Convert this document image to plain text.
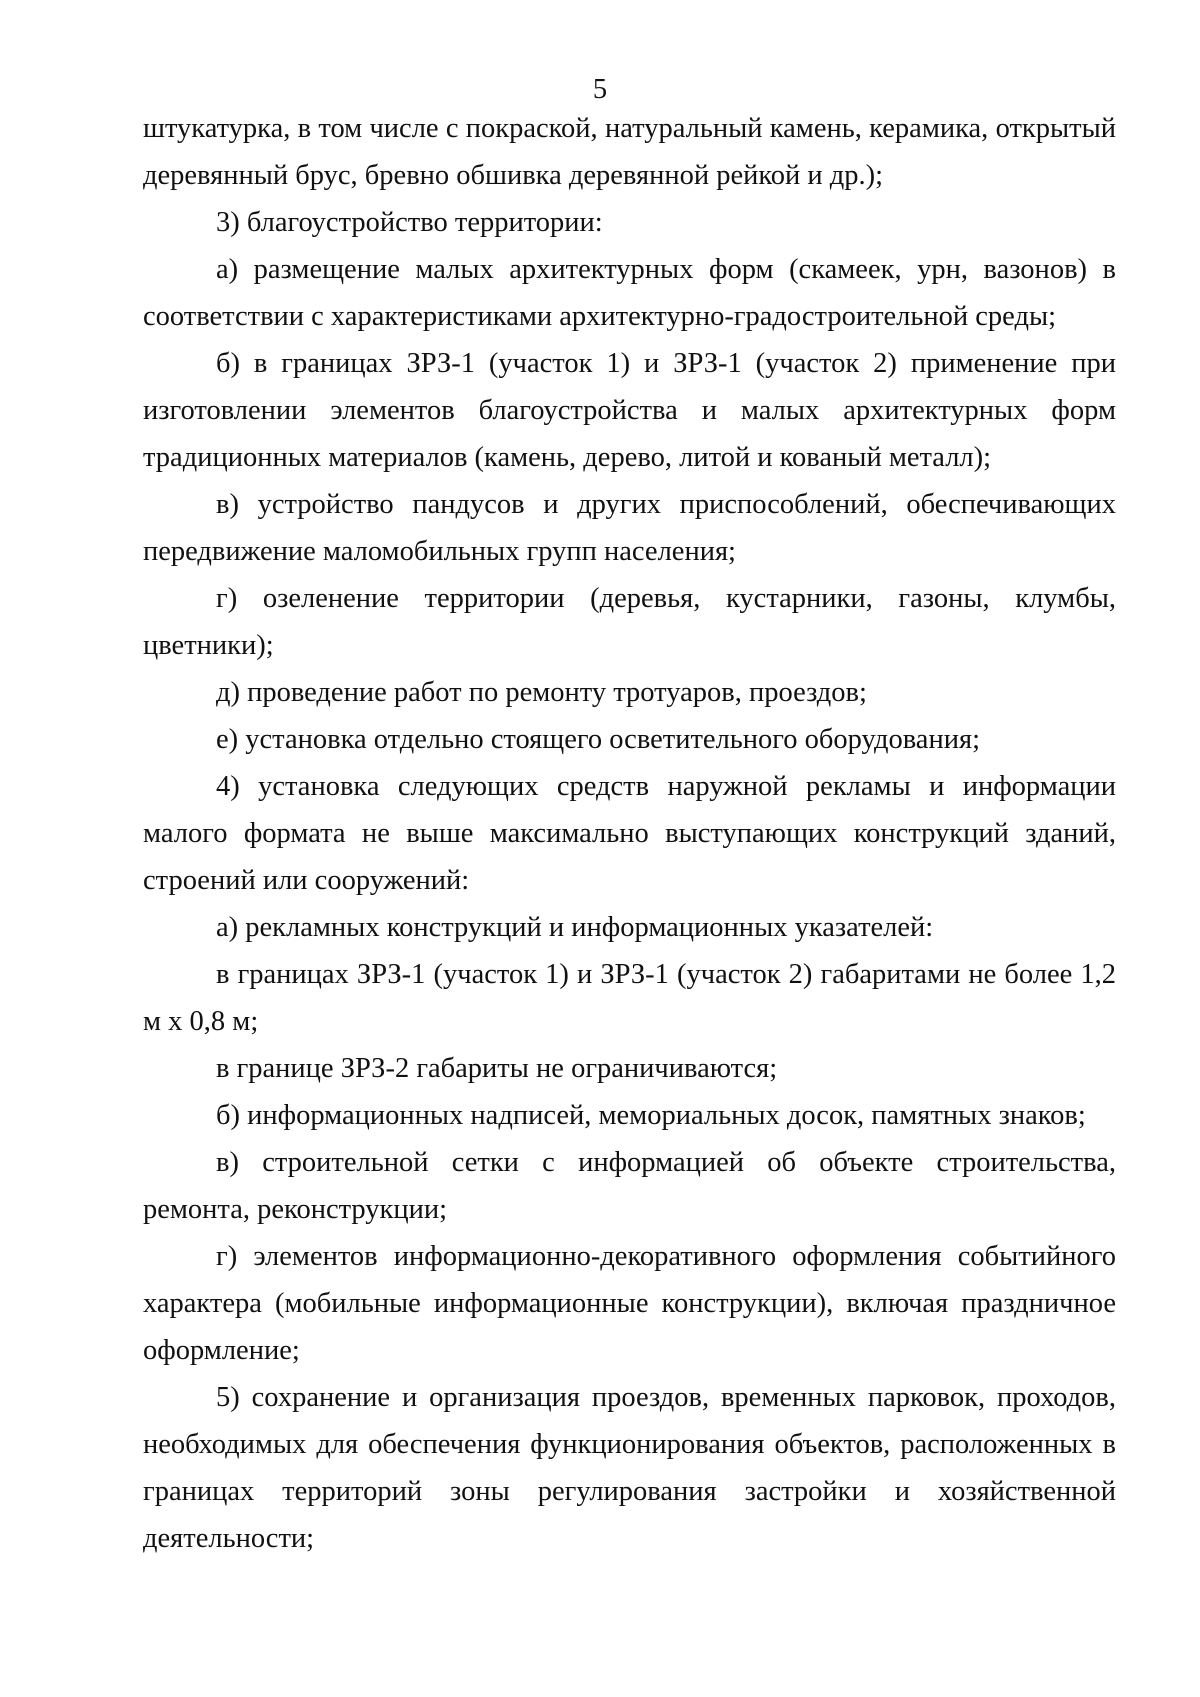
5

штукатурка, в том числе с покраской, натуральный камень, керамика, открытый деревянный брус, бревно обшивка деревянной рейкой и др.);

3) благоустройство территории:

а) размещение малых архитектурных форм (скамеек, урн, вазонов) в соответствии с характеристиками архитектурно-градостроительной среды;

б) в границах ЗРЗ-1 (участок 1) и ЗРЗ-1 (участок 2) применение при изготовлении элементов благоустройства и малых архитектурных форм традиционных материалов (камень, дерево, литой и кованый металл);

в) устройство пандусов и других приспособлений, обеспечивающих передвижение маломобильных групп населения;

г) озеленение территории (деревья, кустарники, газоны, клумбы, цветники);

д) проведение работ по ремонту тротуаров, проездов;

е) установка отдельно стоящего осветительного оборудования;

4) установка следующих средств наружной рекламы и информации малого формата не выше максимально выступающих конструкций зданий, строений или сооружений:

а) рекламных конструкций и информационных указателей:

в границах ЗРЗ-1 (участок 1) и ЗРЗ-1 (участок 2) габаритами не более 1,2 м х 0,8 м;

в границе ЗРЗ-2 габариты не ограничиваются;

б) информационных надписей, мемориальных досок, памятных знаков;

в) строительной сетки с информацией об объекте строительства, ремонта, реконструкции;

г) элементов информационно-декоративного оформления событийного характера (мобильные информационные конструкции), включая праздничное оформление;

5) сохранение и организация проездов, временных парковок, проходов, необходимых для обеспечения функционирования объектов, расположенных в границах территорий зоны регулирования застройки и хозяйственной деятельности;
